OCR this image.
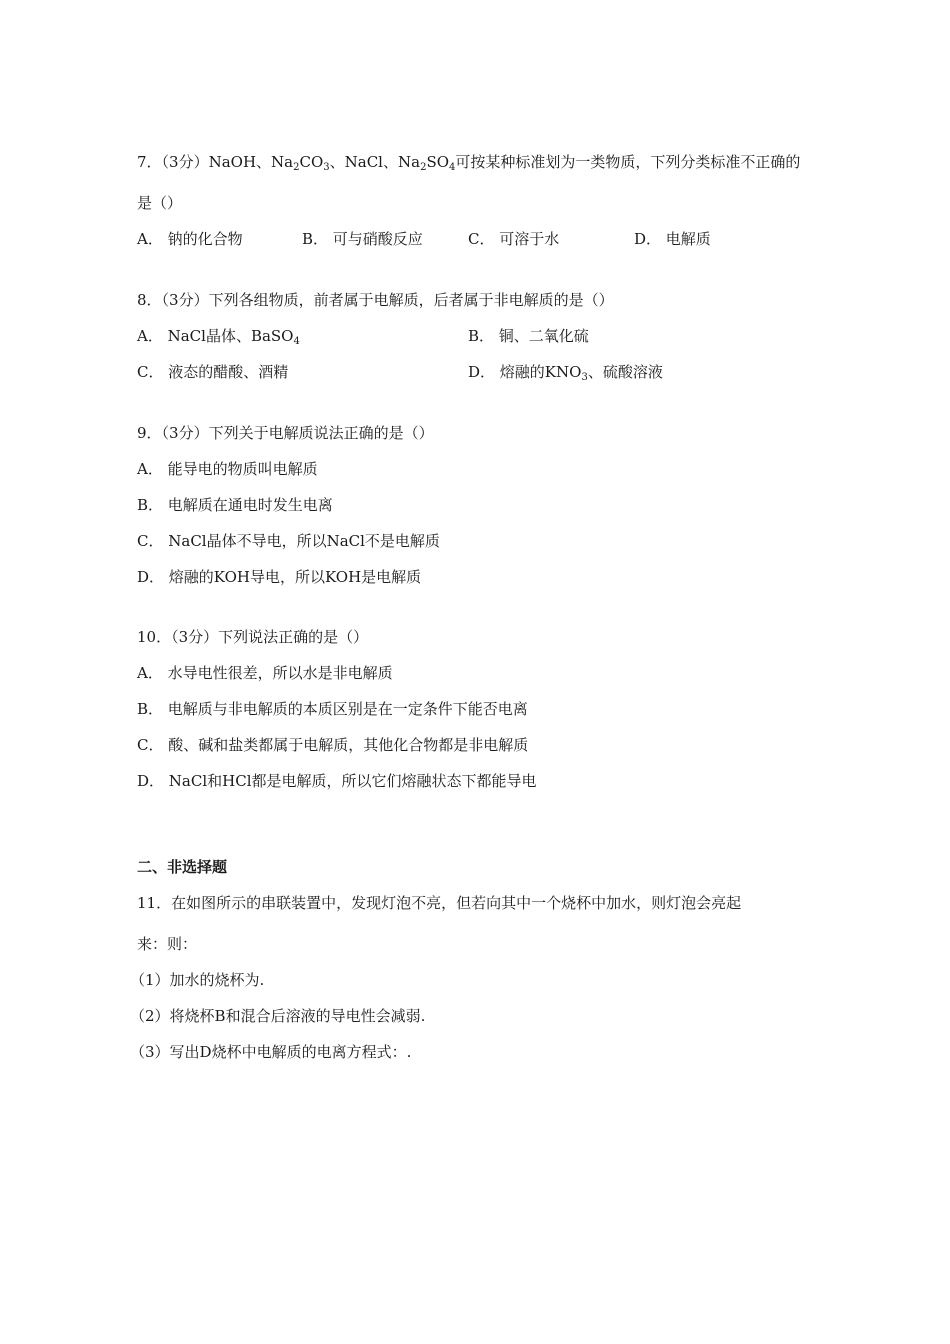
7．（3分）NaOH、$Na_2CO_3$、NaCl、$Na_2SO_4$可按某种标准划为一类物质，下列分类标准不正确的
是（）
A． 钠的化合物	B． 可与硝酸反应	C． 可溶于水	D． 电解质
8．（3分）下列各组物质，前者属于电解质，后者属于非电解质的是（）
A． NaCl晶体、BaSO$_4$	B． 铜、二氧化硫
C． 液态的醋酸、酒精	D． 熔融的$KNO_3$、硫酸溶液
9．（3分）下列关于电解质说法正确的是（）
A． 能导电的物质叫电解质
B． 电解质在通电时发生电离
C． NaCl晶体不导电，所以NaCl不是电解质
D． 熔融的KOH导电，所以KOH是电解质
10．（3分）下列说法正确的是（）
A． 水导电性很差，所以水是非电解质
B． 电解质与非电解质的本质区别是在一定条件下能否电离
C． 酸、碱和盐类都属于电解质，其他化合物都是非电解质
D． NaCl和HCl都是电解质，所以它们熔融状态下都能导电
二、非选择题
11．在如图所示的串联装置中，发现灯泡不亮，但若向其中一个烧杯中加水，则灯泡会亮起
来：则：
（1）加水的烧杯为.
（2）将烧杯B和混合后溶液的导电性会减弱.
（3）写出D烧杯中电解质的电离方程式：.
